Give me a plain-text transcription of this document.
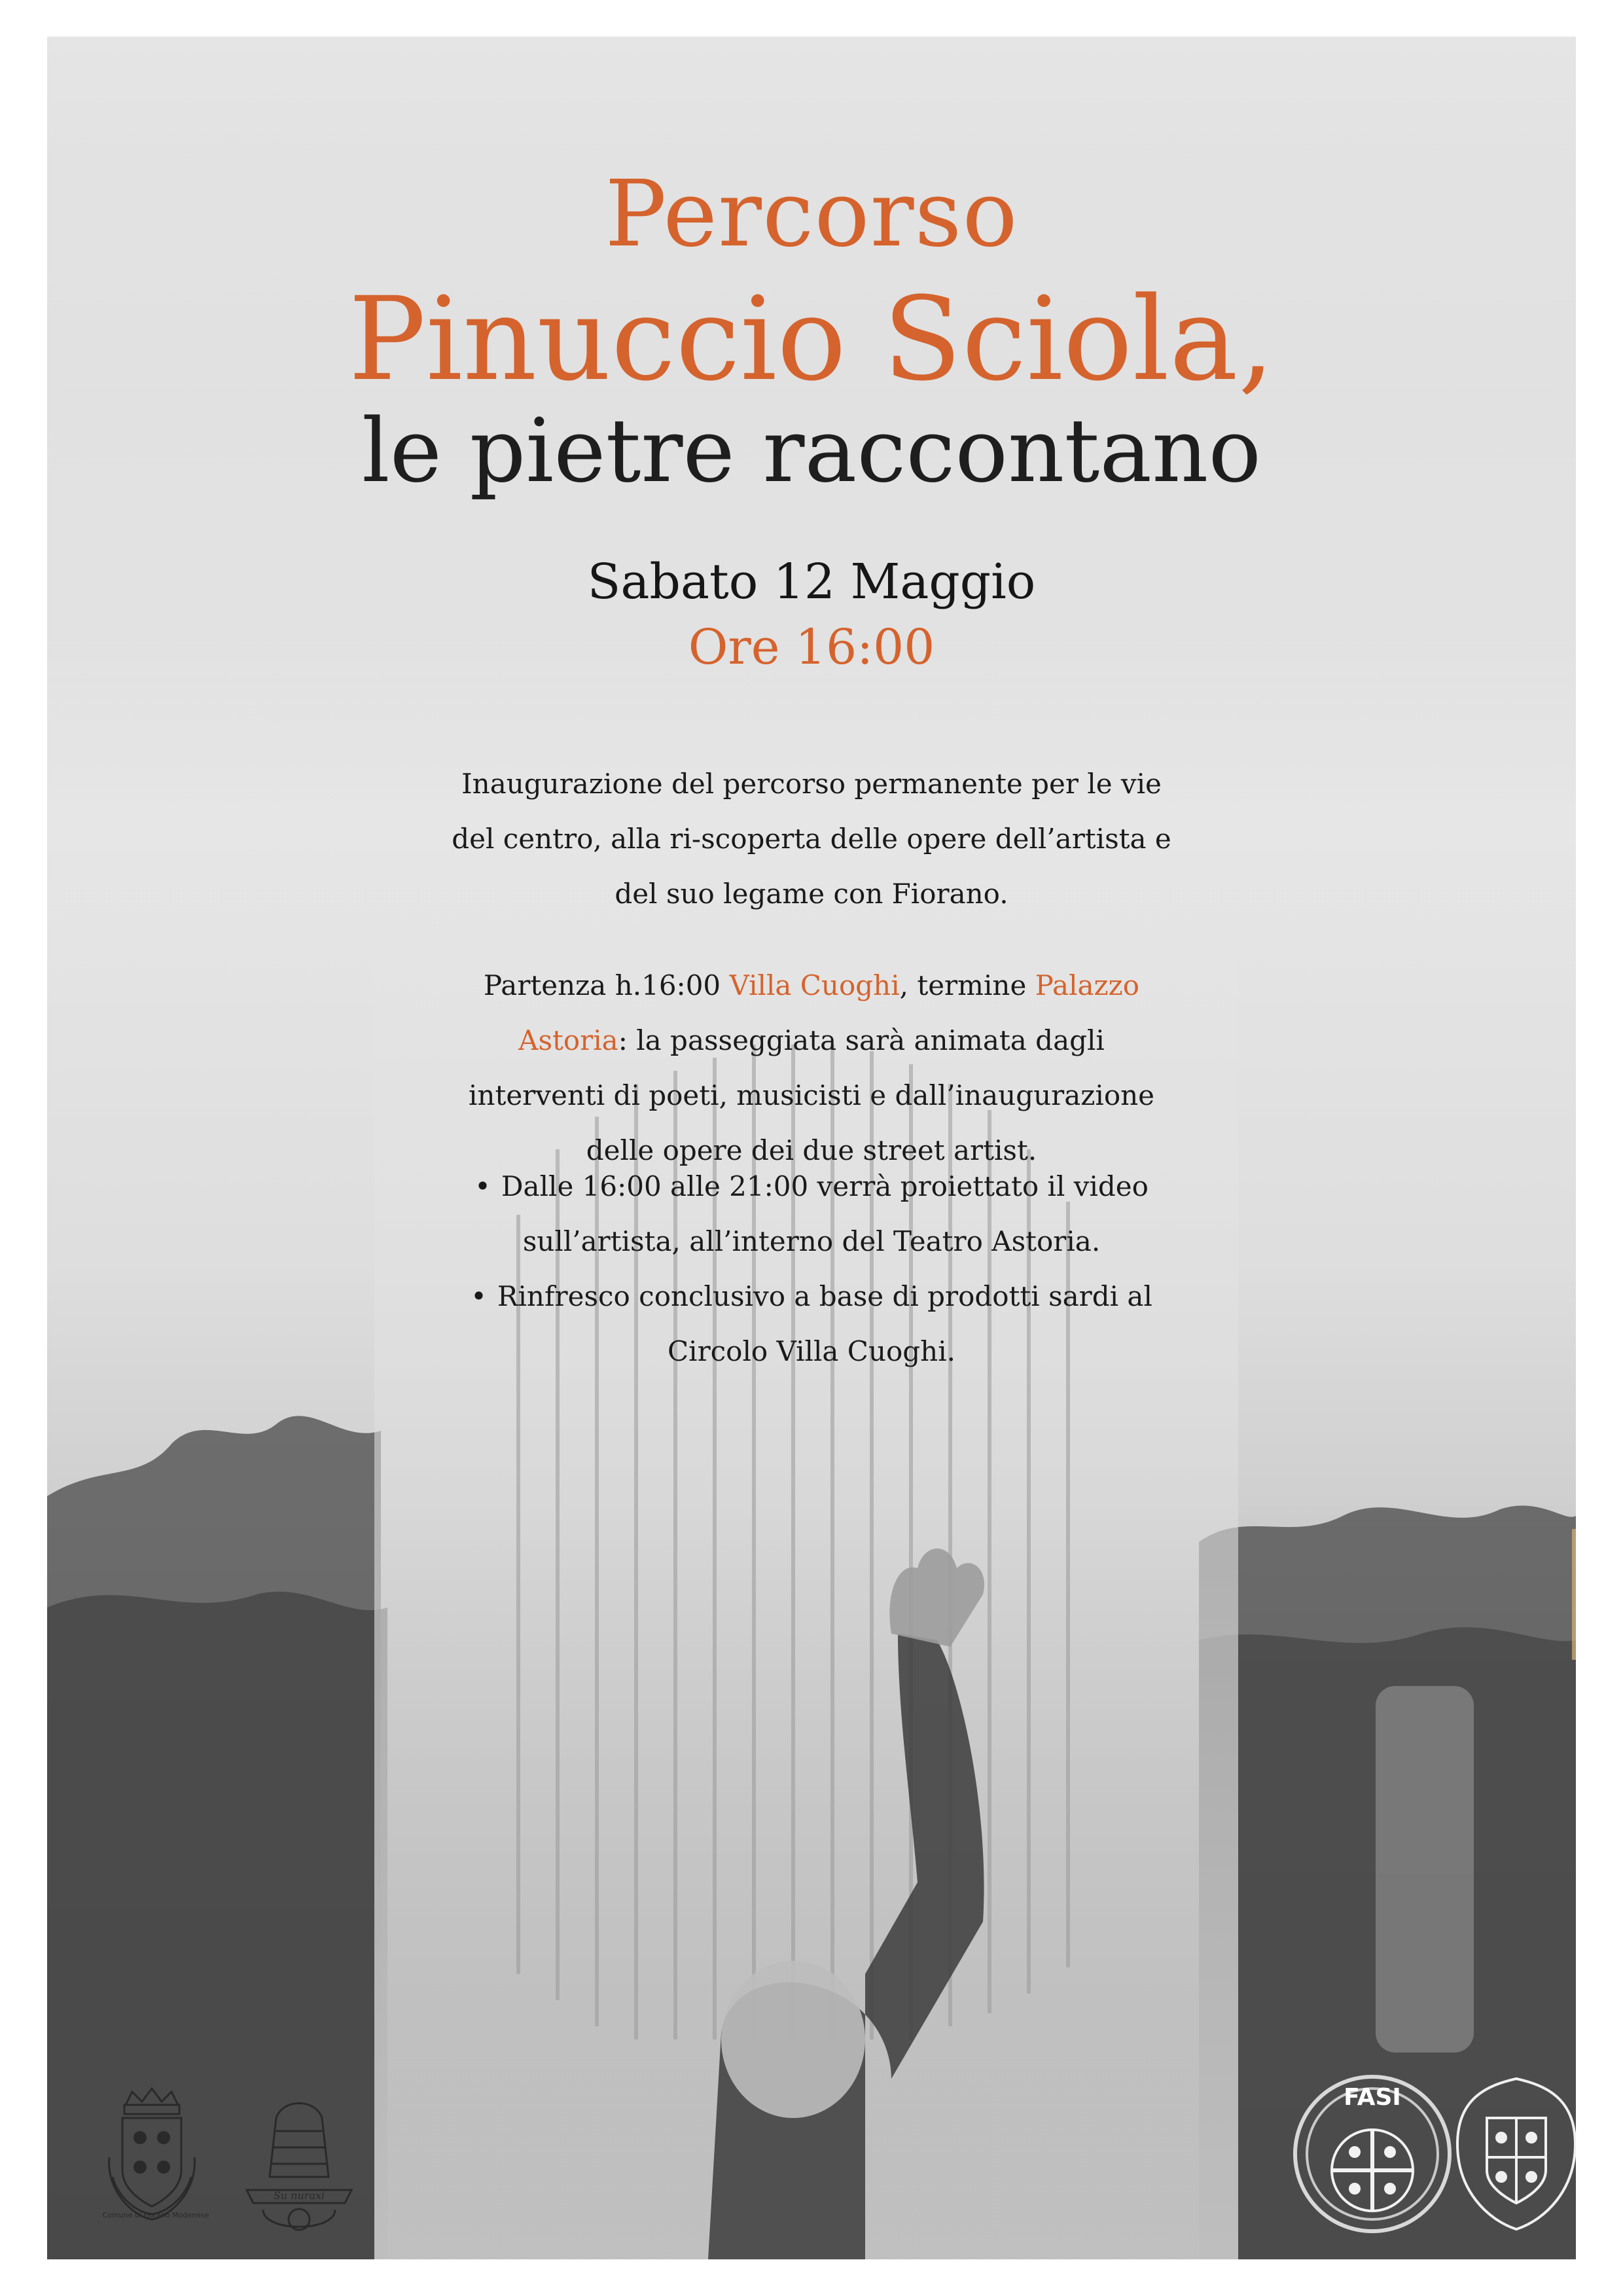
Percorso
Pinuccio Sciola,
le pietre raccontano
Sabato 12 Maggio
Ore 16:00

Inaugurazione del percorso permanente per le vie del centro, alla ri-scoperta delle opere dell’artista e del suo legame con Fiorano.

Partenza h.16:00 Villa Cuoghi, termine Palazzo Astoria: la passeggiata sarà animata dagli interventi di poeti, musicisti e dall’inaugurazione delle opere dei due street artist.

• Dalle 16:00 alle 21:00 verrà proiettato il video sull’artista, all’interno del Teatro Astoria.
• Rinfresco conclusivo a base di prodotti sardi al Circolo Villa Cuoghi.
Comune di Fiorano Modenese
Su nuraxi
FASI
